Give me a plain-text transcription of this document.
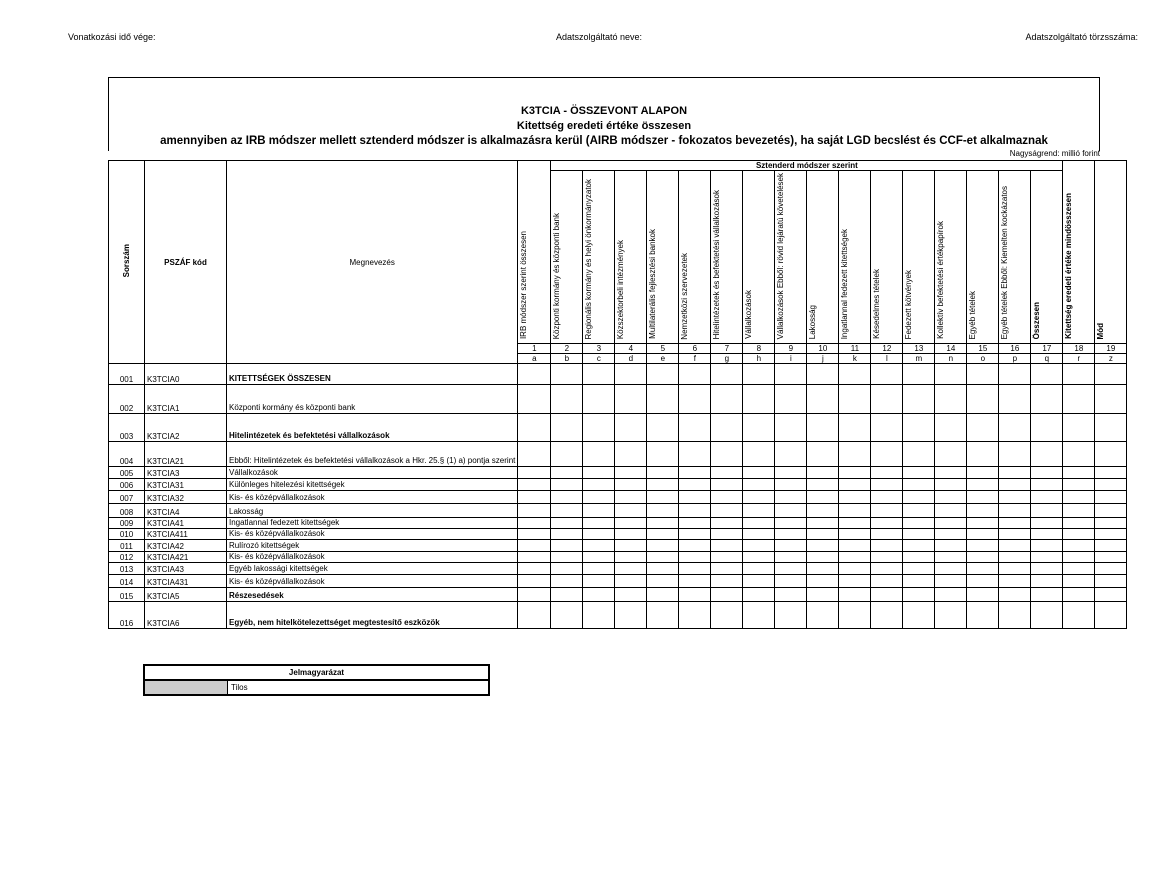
Vonatkozási idő vége:	Adatszolgáltató neve:	Adatszolgáltató törzsszáma:
K3TCIA - ÖSSZEVONT ALAPON
Kitettség eredeti értéke összesen
amennyiben az IRB módszer mellett sztenderd módszer is alkalmazásra kerül (AIRB módszer - fokozatos bevezetés), ha saját LGD becslést és CCF-et alkalmaznak
Nagyságrend: millió forint
Sorszám	PSZÁF kód	Megnevezés	IRB módszer szerint összesen	Sztenderd módszer szerint																Kitettség eredeti értéke mindösszesen	Mód
				Központi kormány és központi bank	Regionális kormány és helyi önkormányzatok	Közszektorbeli intézmények	Multilaterális fejlesztési bankok	Nemzetközi szervezetek	Hitelintézetek és befektetési vállalkozások	Vállalkozások	Vállalkozások Ebből: rövid lejáratú követelések	Lakosság	Ingatlannal fedezett kitettségek	Késedelmes tételek	Fedezett kötvények	Kollektív befektetési értékpapírok	Egyéb tételek	Egyéb tételek Ebből: Kiemelten kockázatos	Összesen		
			1	2	3	4	5	6	7	8	9	10	11	12	13	14	15	16	17	18	19
			a	b	c	d	e	f	g	h	i	j	k	l	m	n	o	p	q	r	z
001	K3TCIA0	KITETTSÉGEK ÖSSZESEN																			
002	K3TCIA1	Központi kormány és központi bank																			
003	K3TCIA2	Hitelintézetek és befektetési vállalkozások																			
004	K3TCIA21	Ebből: Hitelintézetek és befektetési vállalkozások a Hkr. 25.§ (1) a) pontja szerint																			
005	K3TCIA3	Vállalkozások																			
006	K3TCIA31	Különleges hitelezési kitettségek																			
007	K3TCIA32	Kis- és középvállalkozások																			
008	K3TCIA4	Lakosság																			
009	K3TCIA41	Ingatlannal fedezett kitettségek																			
010	K3TCIA411	Kis- és középvállalkozások																			
011	K3TCIA42	Rulírozó kitettségek																			
012	K3TCIA421	Kis- és középvállalkozások																			
013	K3TCIA43	Egyéb lakossági kitettségek																			
014	K3TCIA431	Kis- és középvállalkozások																			
015	K3TCIA5	Részesedések																			
016	K3TCIA6	Egyéb, nem hitelkötelezettséget megtestesítő eszközök																			
Jelmagyarázat
Tilos
